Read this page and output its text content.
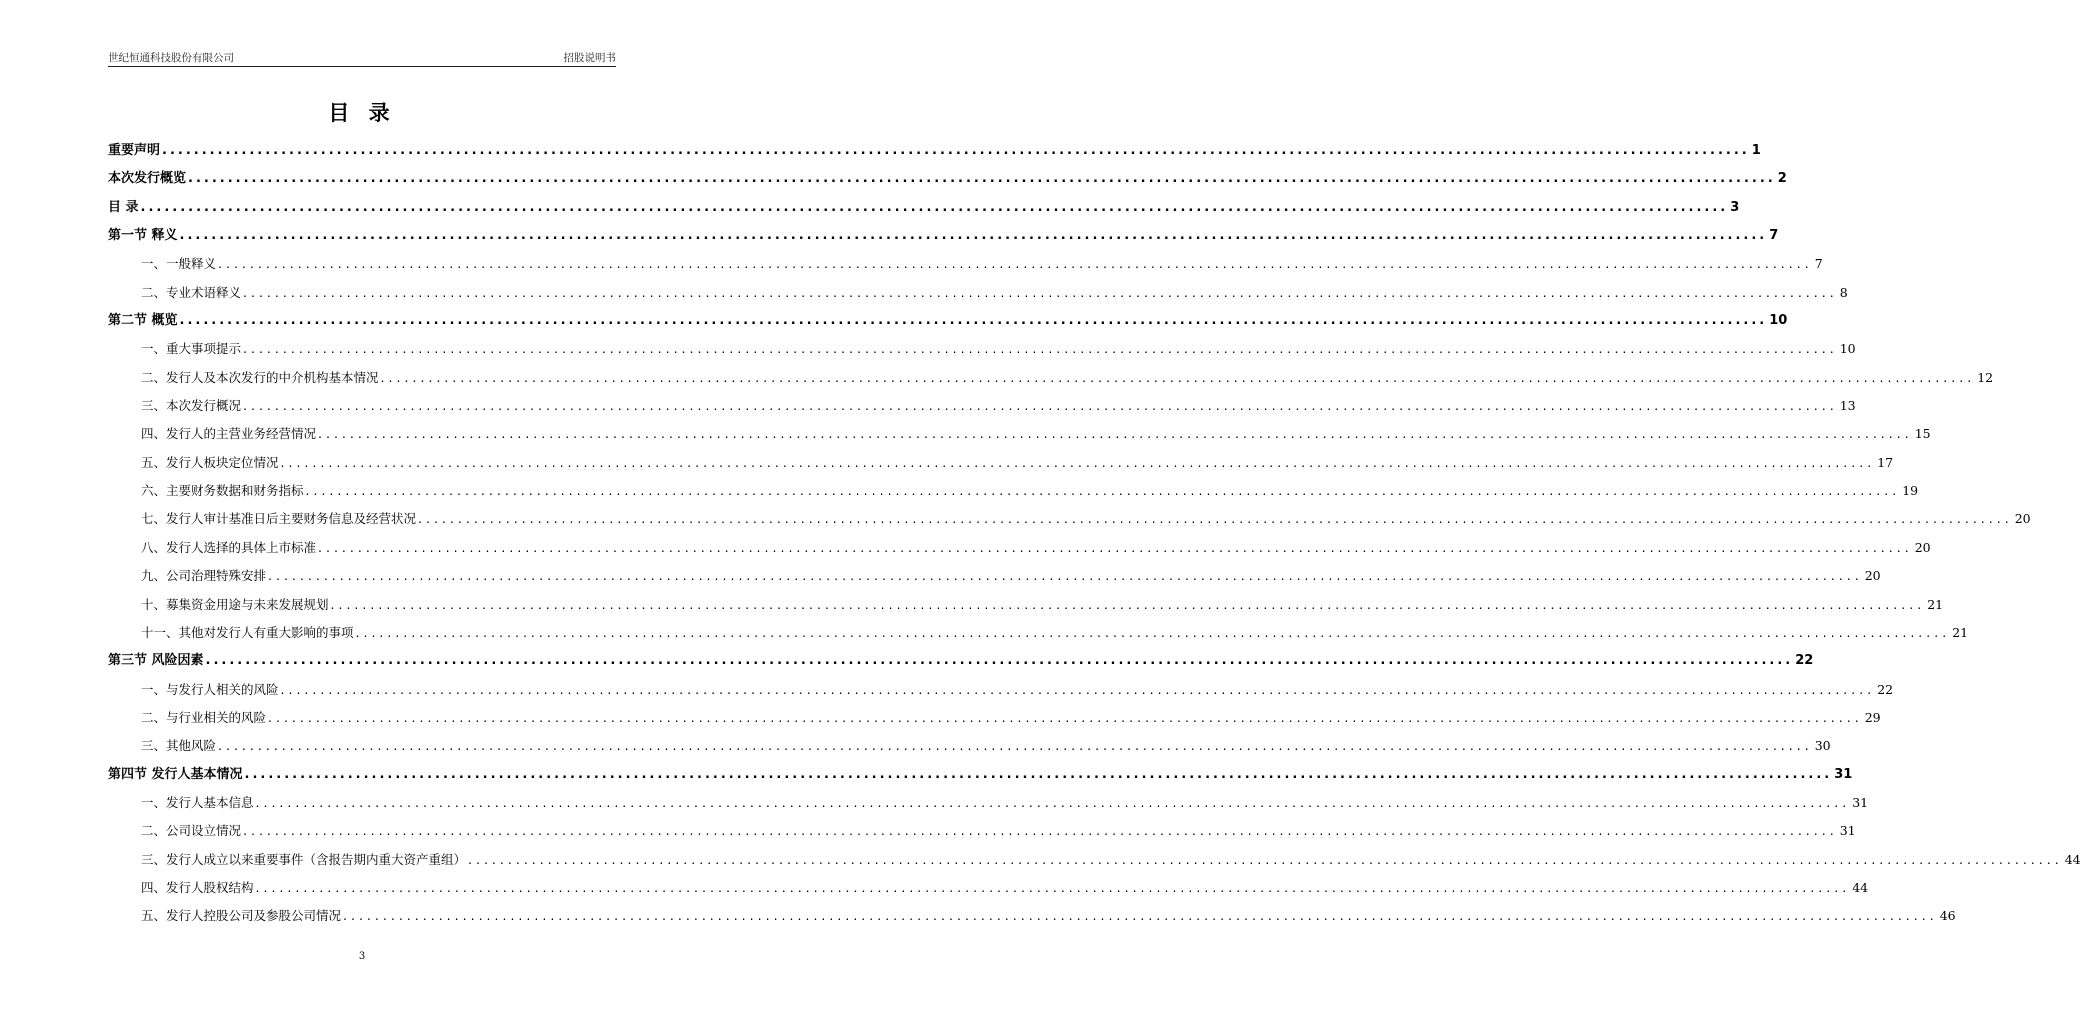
世纪恒通科技股份有限公司	招股说明书
目 录
重要声明 ........................................................................................................................................................................................................ 1
本次发行概览 ........................................................................................................................................................................................................ 2
目 录 ........................................................................................................................................................................................................ 3
第一节 释义 ........................................................................................................................................................................................................ 7
一、一般释义 ........................................................................................................................................................................................................ 7
二、专业术语释义 ........................................................................................................................................................................................................ 8
第二节 概览 ........................................................................................................................................................................................................ 10
一、重大事项提示 ........................................................................................................................................................................................................ 10
二、发行人及本次发行的中介机构基本情况 ........................................................................................................................................................................................................ 12
三、本次发行概况 ........................................................................................................................................................................................................ 13
四、发行人的主营业务经营情况 ........................................................................................................................................................................................................ 15
五、发行人板块定位情况 ........................................................................................................................................................................................................ 17
六、主要财务数据和财务指标 ........................................................................................................................................................................................................ 19
七、发行人审计基准日后主要财务信息及经营状况 ........................................................................................................................................................................................................ 20
八、发行人选择的具体上市标准 ........................................................................................................................................................................................................ 20
九、公司治理特殊安排 ........................................................................................................................................................................................................ 20
十、募集资金用途与未来发展规划 ........................................................................................................................................................................................................ 21
十一、其他对发行人有重大影响的事项 ........................................................................................................................................................................................................ 21
第三节 风险因素 ........................................................................................................................................................................................................ 22
一、与发行人相关的风险 ........................................................................................................................................................................................................ 22
二、与行业相关的风险 ........................................................................................................................................................................................................ 29
三、其他风险 ........................................................................................................................................................................................................ 30
第四节 发行人基本情况 ........................................................................................................................................................................................................ 31
一、发行人基本信息 ........................................................................................................................................................................................................ 31
二、公司设立情况 ........................................................................................................................................................................................................ 31
三、发行人成立以来重要事件（含报告期内重大资产重组） ........................................................................................................................................................................................................ 44
四、发行人股权结构 ........................................................................................................................................................................................................ 44
五、发行人控股公司及参股公司情况 ........................................................................................................................................................................................................ 46
3
